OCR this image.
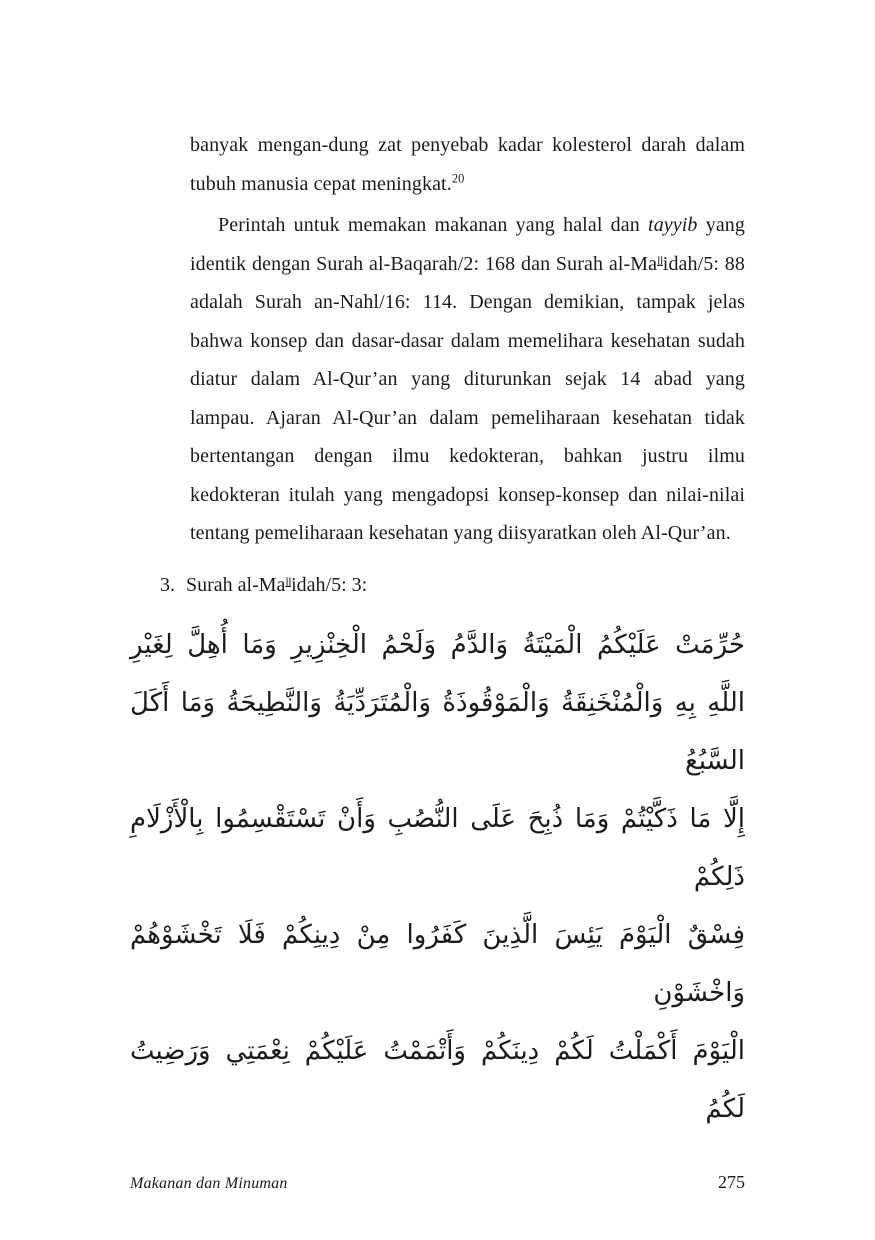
banyak mengan-dung zat penyebab kadar kolesterol darah dalam tubuh manusia cepat meningkat.$^{20}$

Perintah untuk memakan makanan yang halal dan tayyib yang identik dengan Surah al-Baqarah/2: 168 dan Surah $al-Ma^{ll}idah/5$: 88 adalah Surah an-Nahl/16: 114. Dengan demikian, tampak jelas bahwa konsep dan dasar-dasar dalam memelihara kesehatan sudah diatur dalam Al-Qur’an yang diturunkan sejak 14 abad yang lampau. Ajaran Al-Qur’an dalam pemeliharaan kesehatan tidak bertentangan dengan ilmu kedokteran, bahkan justru ilmu kedokteran itulah yang mengadopsi konsep-konsep dan nilai-nilai tentang pemeliharaan kesehatan yang diisyaratkan oleh Al-Qur’an.

3. Surah $al-Ma^{ll}idah/5$: 3:
حُرِّمَتْ عَلَيْكُمُ الْمَيْتَةُ وَالدَّمُ وَلَحْمُ الْخِنْزِيرِ وَمَا أُهِلَّ لِغَيْرِ
اللَّهِ بِهِ وَالْمُنْخَنِقَةُ وَالْمَوْقُوذَةُ وَالْمُتَرَدِّيَةُ وَالنَّطِيحَةُ وَمَا أَكَلَ السَّبُعُ
إِلَّا مَا ذَكَّيْتُمْ وَمَا ذُبِحَ عَلَى النُّصُبِ وَأَنْ تَسْتَقْسِمُوا بِالْأَزْلَامِ ذَلِكُمْ
فِسْقٌ الْيَوْمَ يَئِسَ الَّذِينَ كَفَرُوا مِنْ دِينِكُمْ فَلَا تَخْشَوْهُمْ وَاخْشَوْنِ
الْيَوْمَ أَكْمَلْتُ لَكُمْ دِينَكُمْ وَأَتْمَمْتُ عَلَيْكُمْ نِعْمَتِي وَرَضِيتُ لَكُمُ
Makanan dan Minuman	275
